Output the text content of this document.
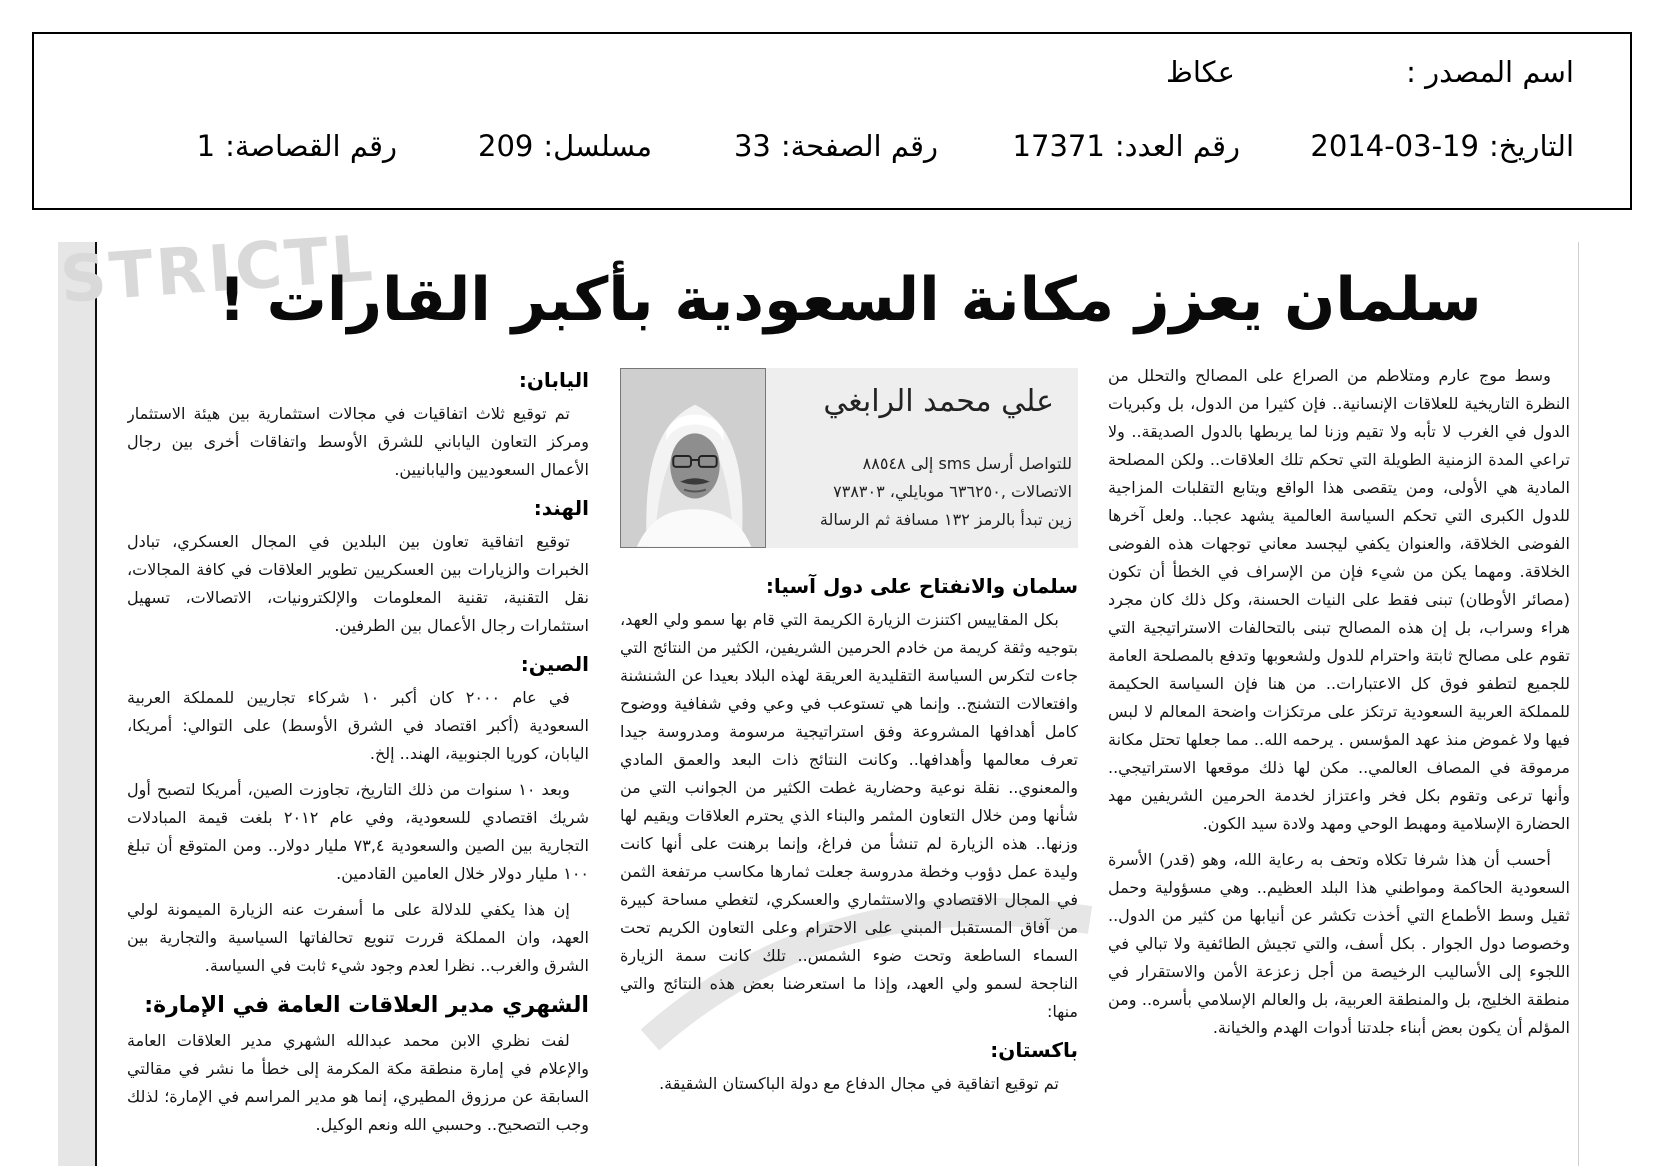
اسم المصدر :
عكاظ
التاريخ:2014-03-19
رقم العدد:17371
رقم الصفحة:33
مسلسل:209
رقم القصاصة:1
STRICTL
سلمان يعزز مكانة السعودية بأكبر القارات !

وسط موج عارم ومتلاطم من الصراع على المصالح والتحلل من النظرة التاريخية للعلاقات الإنسانية.. فإن كثيرا من الدول، بل وكبريات الدول في الغرب لا تأبه ولا تقيم وزنا لما يربطها بالدول الصديقة.. ولا تراعي المدة الزمنية الطويلة التي تحكم تلك العلاقات.. ولكن المصلحة المادية هي الأولى، ومن يتقصى هذا الواقع ويتابع التقلبات المزاجية للدول الكبرى التي تحكم السياسة العالمية يشهد عجبا.. ولعل آخرها الفوضى الخلاقة، والعنوان يكفي ليجسد معاني توجهات هذه الفوضى الخلاقة. ومهما يكن من شيء فإن من الإسراف في الخطأ أن تكون (مصائر الأوطان) تبنى فقط على النيات الحسنة، وكل ذلك كان مجرد هراء وسراب، بل إن هذه المصالح تبنى بالتحالفات الاستراتيجية التي تقوم على مصالح ثابتة واحترام للدول ولشعوبها وتدفع بالمصلحة العامة للجميع لتطفو فوق كل الاعتبارات.. من هنا فإن السياسة الحكيمة للمملكة العربية السعودية ترتكز على مرتكزات واضحة المعالم لا لبس فيها ولا غموض منذ عهد المؤسس . يرحمه الله.. مما جعلها تحتل مكانة مرموقة في المصاف العالمي.. مكن لها ذلك موقعها الاستراتيجي.. وأنها ترعى وتقوم بكل فخر واعتزاز لخدمة الحرمين الشريفين مهد الحضارة الإسلامية ومهبط الوحي ومهد ولادة سيد الكون.

أحسب أن هذا شرفا تكلاه وتحف به رعاية الله، وهو (قدر) الأسرة السعودية الحاكمة ومواطني هذا البلد العظيم.. وهي مسؤولية وحمل ثقيل وسط الأطماع التي أخذت تكشر عن أنيابها من كثير من الدول.. وخصوصا دول الجوار . بكل أسف، والتي تجيش الطائفية ولا تبالي في اللجوء إلى الأساليب الرخيصة من أجل زعزعة الأمن والاستقرار في منطقة الخليج، بل والمنطقة العربية، بل والعالم الإسلامي بأسره.. ومن المؤلم أن يكون بعض أبناء جلدتنا أدوات الهدم والخيانة.

علي محمد الرابغي
للتواصل أرسل sms إلى ٨٨٥٤٨
الاتصالات ,٦٣٦٢٥٠ موبايلي، ٧٣٨٣٠٣
زين تبدأ بالرمز ١٣٢ مسافة ثم الرسالة
سلمان والانفتاح على دول آسيا:

بكل المقاييس اكتنزت الزيارة الكريمة التي قام بها سمو ولي العهد، بتوجيه وثقة كريمة من خادم الحرمين الشريفين، الكثير من النتائج التي جاءت لتكرس السياسة التقليدية العريقة لهذه البلاد بعيدا عن الشنشنة وافتعالات التشنج.. وإنما هي تستوعب في وعي وفي شفافية ووضوح كامل أهدافها المشروعة وفق استراتيجية مرسومة ومدروسة جيدا تعرف معالمها وأهدافها.. وكانت النتائج ذات البعد والعمق المادي والمعنوي.. نقلة نوعية وحضارية غطت الكثير من الجوانب التي من شأنها ومن خلال التعاون المثمر والبناء الذي يحترم العلاقات ويقيم لها وزنها.. هذه الزيارة لم تنشأ من فراغ، وإنما برهنت على أنها كانت وليدة عمل دؤوب وخطة مدروسة جعلت ثمارها مكاسب مرتفعة الثمن في المجال الاقتصادي والاستثماري والعسكري، لتغطي مساحة كبيرة من آفاق المستقبل المبني على الاحترام وعلى التعاون الكريم تحت السماء الساطعة وتحت ضوء الشمس.. تلك كانت سمة الزيارة الناجحة لسمو ولي العهد، وإذا ما استعرضنا بعض هذه النتائج والتي منها:

باكستان:

تم توقيع اتفاقية في مجال الدفاع مع دولة الباكستان الشقيقة.

اليابان:

تم توقيع ثلاث اتفاقيات في مجالات استثمارية بين هيئة الاستثمار ومركز التعاون الياباني للشرق الأوسط واتفاقات أخرى بين رجال الأعمال السعوديين واليابانيين.

الهند:

توقيع اتفاقية تعاون بين البلدين في المجال العسكري، تبادل الخبرات والزيارات بين العسكريين تطوير العلاقات في كافة المجالات، نقل التقنية، تقنية المعلومات والإلكترونيات، الاتصالات، تسهيل استثمارات رجال الأعمال بين الطرفين.

الصين:

في عام ٢٠٠٠ كان أكبر ١٠ شركاء تجاريين للمملكة العربية السعودية (أكبر اقتصاد في الشرق الأوسط) على التوالي: أمريكا، اليابان، كوريا الجنوبية، الهند.. إلخ.

وبعد ١٠ سنوات من ذلك التاريخ، تجاوزت الصين، أمريكا لتصبح أول شريك اقتصادي للسعودية، وفي عام ٢٠١٢ بلغت قيمة المبادلات التجارية بين الصين والسعودية ٧٣,٤ مليار دولار.. ومن المتوقع أن تبلغ ١٠٠ مليار دولار خلال العامين القادمين.

إن هذا يكفي للدلالة على ما أسفرت عنه الزيارة الميمونة لولي العهد، وان المملكة قررت تنويع تحالفاتها السياسية والتجارية بين الشرق والغرب.. نظرا لعدم وجود شيء ثابت في السياسة.

الشهري مدير العلاقات العامة في الإمارة:

لفت نظري الابن محمد عبدالله الشهري مدير العلاقات العامة والإعلام في إمارة منطقة مكة المكرمة إلى خطأ ما نشر في مقالتي السابقة عن مرزوق المطيري، إنما هو مدير المراسم في الإمارة؛ لذلك وجب التصحيح.. وحسبي الله ونعم الوكيل.
